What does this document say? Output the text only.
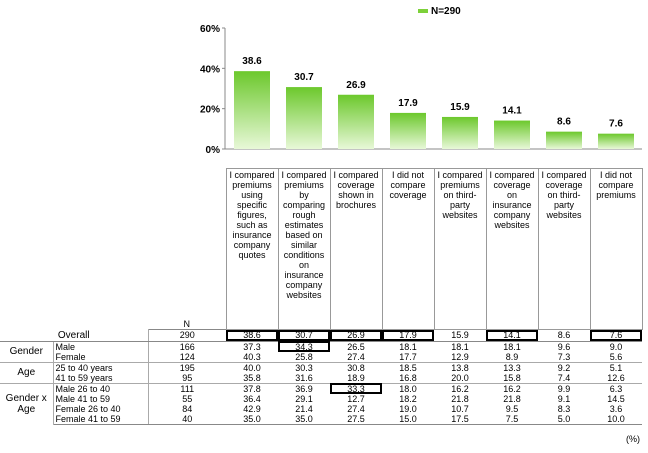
0%
20%
40%
60%
38.6
30.7
26.9
17.9	15.9	14.1
8.6	7.6
N=290
		N	I compared premiums using specific figures, such as insurance company quotes	I compared premiums by comparing rough estimates based on similar conditions on insurance company websites	I compared coverage shown in brochures	I did not compare coverage	I compared premiums on third-party websites	I compared coverage on insurance company websites	I compared coverage on third-party websites	I did not compare premiums
Overall		290	38.6	30.7	26.9	17.9	15.9	14.1	8.6	7.6
Gender	Male	166	37.3	34.3	26.5	18.1	18.1	18.1	9.6	9.0
	Female	124	40.3	25.8	27.4	17.7	12.9	8.9	7.3	5.6
Age	25 to 40 years	195	40.0	30.3	30.8	18.5	13.8	13.3	9.2	5.1
	41 to 59 years	95	35.8	31.6	18.9	16.8	20.0	15.8	7.4	12.6
Gender x Age	Male 26 to 40	111	37.8	36.9	33.3	18.0	16.2	16.2	9.9	6.3
	Male 41 to 59	55	36.4	29.1	12.7	18.2	21.8	21.8	9.1	14.5
	Female 26 to 40	84	42.9	21.4	27.4	19.0	10.7	9.5	8.3	3.6
	Female 41 to 59	40	35.0	35.0	27.5	15.0	17.5	7.5	5.0	10.0
(%)
